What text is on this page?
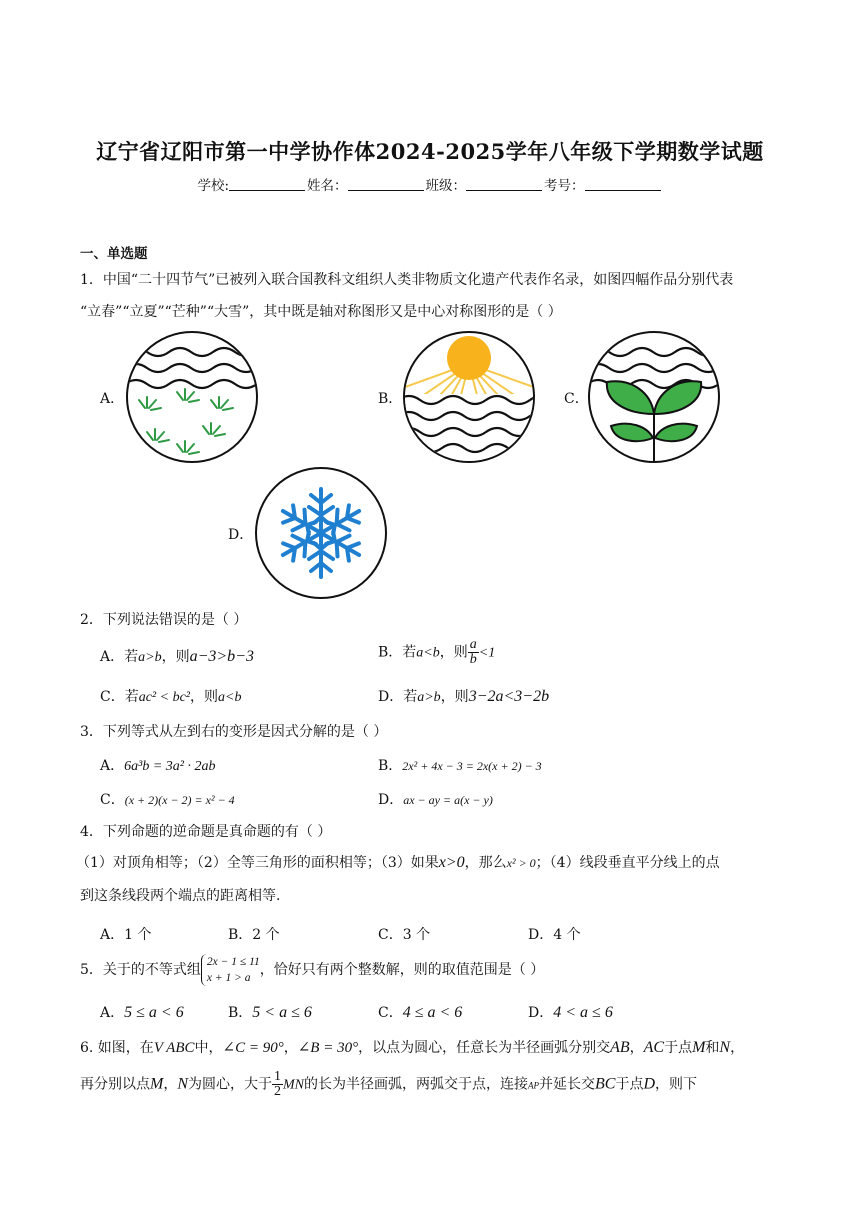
辽宁省辽阳市第一中学协作体2024-2025学年八年级下学期数学试题
学校:	姓名：	班级：	考号：
一、单选题
1．中国“二十四节气”已被列入联合国教科文组织人类非物质文化遗产代表作名录，如图四幅作品分别代表
“立春”“立夏”“芒种”“大雪”，其中既是轴对称图形又是中心对称图形的是（ ）
A．	B．	C．
D．
2．下列说法错误的是（ ）
A．若a>b，则a−3>b−3	B．若a<b，则 $\frac{a}{b} <1$
C．若ac² < bc²，则a<b	D．若a>b，则3−2a<3−2b
3．下列等式从左到右的变形是因式分解的是（ ）
A．6a³b = 3a² · 2ab	B．2x² + 4x − 3 = 2x(x + 2) − 3
C．(x + 2)(x − 2) = x² − 4	D．ax − ay = a(x − y)
4．下列命题的逆命题是真命题的有（ ）
（1）对顶角相等；（2）全等三角形的面积相等；（3）如果x>0，那么x² > 0；（4）线段垂直平分线上的点
到这条线段两个端点的距离相等.
A．1 个	B．2 个	C．3 个	D．4 个
5．关于的不等式组 2x − 1 ≤ 11
x + 1 > a ，恰好只有两个整数解，则的取值范围是（ ）
A．5 ≤ a < 6	B．5 < a ≤ 6	C．4 ≤ a < 6	D．4 < a ≤ 6
6. 如图，在V ABC中，∠C = 90°，∠B = 30°，以点为圆心，任意长为半径画弧分别交AB，AC于点M和N，
再分别以点M，N为圆心，大于 $\frac{1}{2}$ MN的长为半径画弧，两弧交于点，连接AP并延长交BC于点D，则下
